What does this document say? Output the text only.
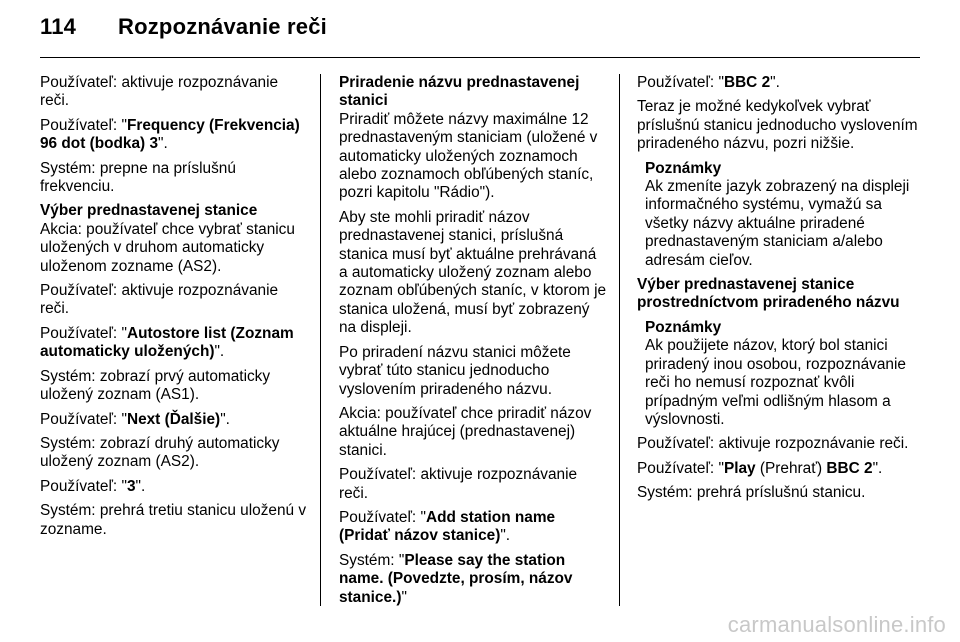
114	Rozpoznávanie reči

Používateľ: aktivuje rozpoznávanie reči.

Používateľ: "Frequency (Frekvencia) 96 dot (bodka) 3".

Systém: prepne na príslušnú frekvenciu.

Výber prednastavenej stanice

Akcia: používateľ chce vybrať stanicu uložených v druhom automaticky uloženom zozname (AS2).

Používateľ: aktivuje rozpoznávanie reči.

Používateľ: "Autostore list (Zoznam automaticky uložených)".

Systém: zobrazí prvý automaticky uložený zoznam (AS1).

Používateľ: "Next (Ďalšie)".

Systém: zobrazí druhý automaticky uložený zoznam (AS2).

Používateľ: "3".

Systém: prehrá tretiu stanicu uloženú v zozname.

Priradenie názvu prednastavenej stanici

Priradiť môžete názvy maximálne 12 prednastaveným staniciam (uložené v automaticky uložených zoznamoch alebo zoznamoch obľúbených staníc, pozri kapitolu "Rádio").

Aby ste mohli priradiť názov prednastavenej stanici, príslušná stanica musí byť aktuálne prehrávaná a automaticky uložený zoznam alebo zoznam obľúbených staníc, v ktorom je stanica uložená, musí byť zobrazený na displeji.

Po priradení názvu stanici môžete vybrať túto stanicu jednoducho vyslovením priradeného názvu.

Akcia: používateľ chce priradiť názov aktuálne hrajúcej (prednastavenej) stanici.

Používateľ: aktivuje rozpoznávanie reči.

Používateľ: "Add station name (Pridať názov stanice)".

Systém: "Please say the station name. (Povedzte, prosím, názov stanice.)"

Používateľ: "BBC 2".

Teraz je možné kedykoľvek vybrať príslušnú stanicu jednoducho vyslovením priradeného názvu, pozri nižšie.

Poznámky
Ak zmeníte jazyk zobrazený na displeji informačného systému, vymažú sa všetky názvy aktuálne priradené prednastaveným staniciam a/alebo adresám cieľov.
Výber prednastavenej stanice prostredníctvom priradeného názvu
Poznámky
Ak použijete názov, ktorý bol stanici priradený inou osobou, rozpoznávanie reči ho nemusí rozpoznať kvôli prípadným veľmi odlišným hlasom a výslovnosti.

Používateľ: aktivuje rozpoznávanie reči.

Používateľ: "Play (Prehrať) BBC 2".

Systém: prehrá príslušnú stanicu.

carmanualsonline.info
